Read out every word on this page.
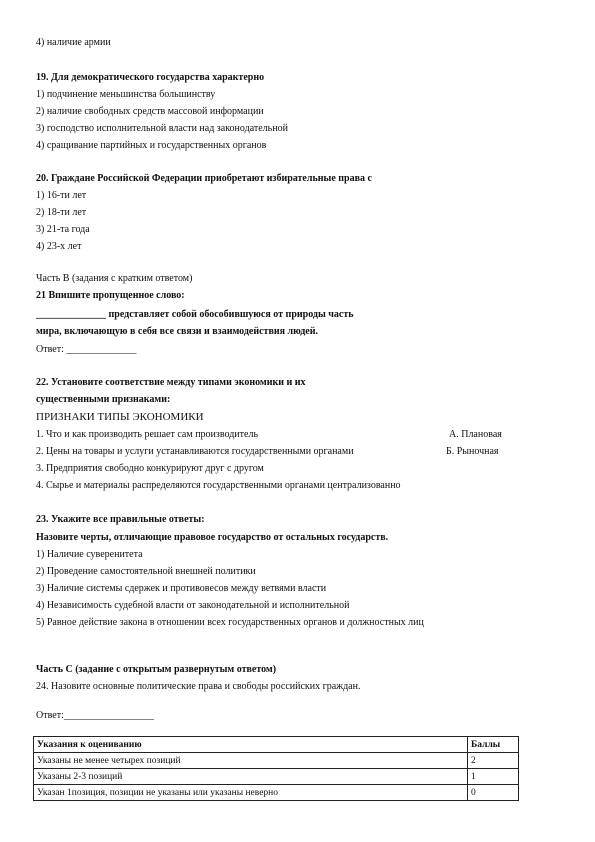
4) наличие армии
19. Для демократического государства характерно
1) подчинение меньшинства большинству
2) наличие свободных средств массовой информации
3) господство исполнительной власти над законодательной
4) сращивание партийных и государственных органов
20. Граждане Российской Федерации приобретают избирательные права с
1) 16-ти лет
2) 18-ти лет
3) 21-та года
4) 23-х лет
Часть В (задания с кратким ответом)
21 Впишите пропущенное слово:
______________ представляет собой обособившуюся от природы часть
мира, включающую в себя все связи и взаимодействия людей.
Ответ: ______________
22. Установите соответствие между типами экономики и их
существенными признаками:
ПРИЗНАКИ ТИПЫ ЭКОНОМИКИ
1. Что и как производить решает сам производитель	А. Плановая
2. Цены на товары и услуги устанавливаются государственными органами	Б. Рыночная
3. Предприятия свободно конкурируют друг с другом
4. Сырье и материалы распределяются государственными органами централизованно
23. Укажите все правильные ответы:
Назовите черты, отличающие правовое государство от остальных государств.
1) Наличие суверенитета
2) Проведение самостоятельной внешней политики
3) Наличие системы сдержек и противовесов между ветвями власти
4) Независимость судебной власти от законодательной и исполнительной
5) Равное действие закона в отношении всех государственных органов и должностных лиц
Часть С (задание с открытым развернутым ответом)
24. Назовите основные политические права и свободы российских граждан.
Ответ:__________________
Указания к оцениванию	Баллы
Указаны не менее четырех позиций	2
Указаны 2-3 позиций	1
Указан 1позиция, позиции не указаны или указаны неверно	0
